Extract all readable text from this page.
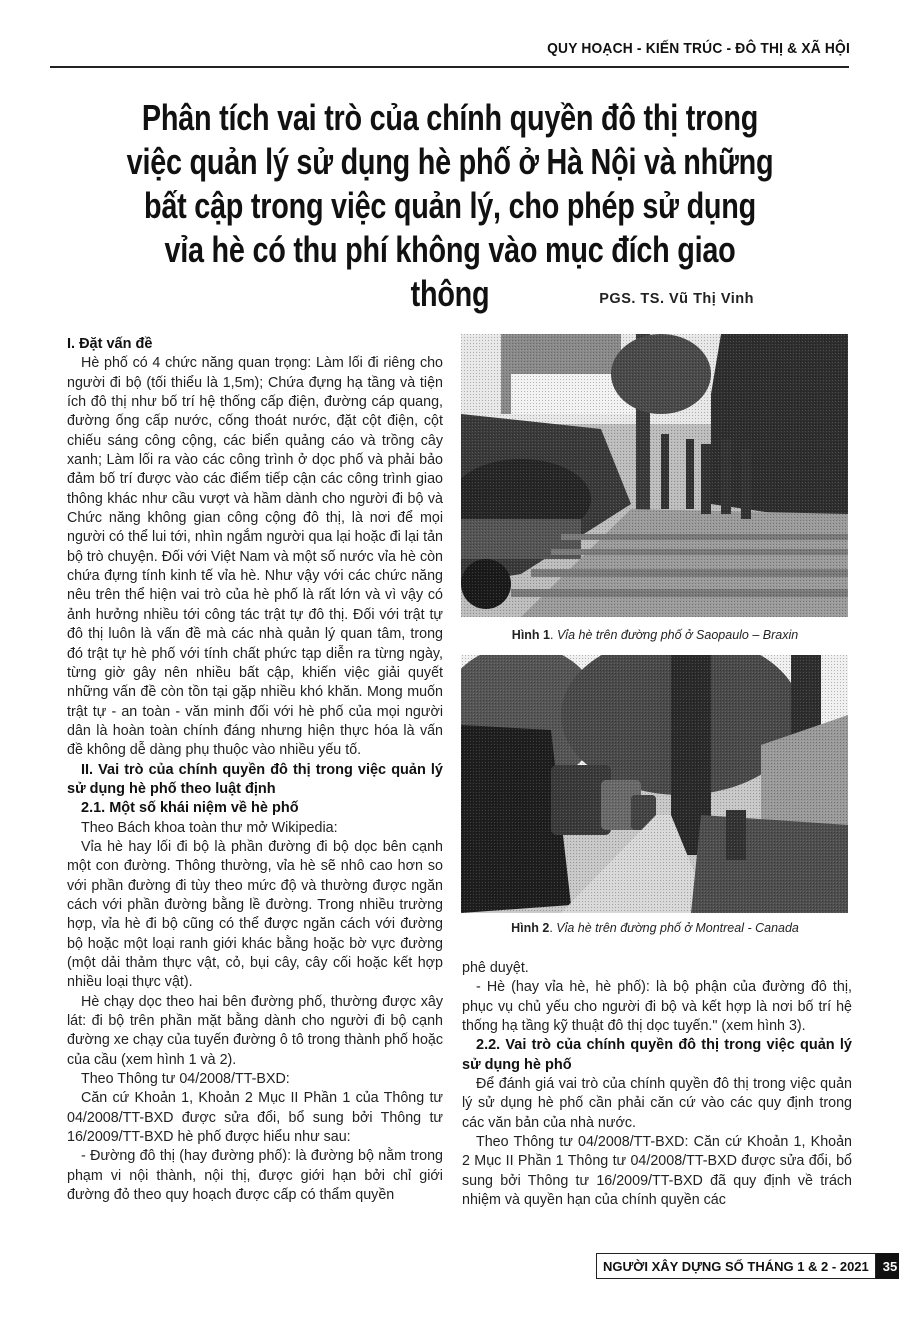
QUY HOẠCH - KIẾN TRÚC - ĐÔ THỊ & XÃ HỘI
Phân tích vai trò của chính quyền đô thị trong việc quản lý sử dụng hè phố ở Hà Nội và những bất cập trong việc quản lý, cho phép sử dụng vỉa hè có thu phí không vào mục đích giao thông	PGS. TS. Vũ Thị Vinh
I. Đặt vấn đề

Hè phố có 4 chức năng quan trọng: Làm lối đi riêng cho người đi bộ (tối thiểu là 1,5m); Chứa đựng hạ tầng và tiện ích đô thị như bố trí hệ thống cấp điện, đường cáp quang, đường ống cấp nước, cống thoát nước, đặt cột điện, cột chiếu sáng công cộng, các biển quảng cáo và trồng cây xanh; Làm lối ra vào các công trình ở dọc phố và phải bảo đảm bố trí được vào các điểm tiếp cận các công trình giao thông khác như cầu vượt và hầm dành cho người đi bộ và Chức năng không gian công cộng đô thị, là nơi để mọi người có thể lui tới, nhìn ngắm người qua lại hoặc đi lại tản bộ trò chuyện. Đối với Việt Nam và một số nước vỉa hè còn chứa đựng tính kinh tế vỉa hè. Như vậy với các chức năng nêu trên thể hiện vai trò của hè phố là rất lớn và vì vậy có ảnh hưởng nhiều tới công tác trật tự đô thị. Đối với trật tự đô thị luôn là vấn đề mà các nhà quản lý quan tâm, trong đó trật tự hè phố với tính chất phức tạp diễn ra từng ngày, từng giờ gây nên nhiều bất cập, khiến việc giải quyết những vấn đề còn tồn tại gặp nhiều khó khăn. Mong muốn trật tự - an toàn - văn minh đối với hè phố của mọi người dân là hoàn toàn chính đáng nhưng hiện thực hóa là vấn đề không dễ dàng phụ thuộc vào nhiều yếu tố.

II. Vai trò của chính quyền đô thị trong việc quản lý sử dụng hè phố theo luật định
2.1. Một số khái niệm về hè phố

Theo Bách khoa toàn thư mở Wikipedia:

Vỉa hè hay lối đi bộ là phần đường đi bộ dọc bên cạnh một con đường. Thông thường, vỉa hè sẽ nhô cao hơn so với phần đường đi tùy theo mức độ và thường được ngăn cách với phần đường bằng lề đường. Trong nhiều trường hợp, vỉa hè đi bộ cũng có thể được ngăn cách với đường bộ hoặc một loại ranh giới khác bằng hoặc bờ vực đường (một dải thảm thực vật, cỏ, bụi cây, cây cối hoặc kết hợp nhiều loại thực vật).

Hè chạy dọc theo hai bên đường phố, thường được xây lát: đi bộ trên phần mặt bằng dành cho người đi bộ cạnh đường xe chạy của tuyến đường ô tô trong thành phố hoặc của cầu (xem hình 1 và 2).

Theo Thông tư 04/2008/TT-BXD:

Căn cứ Khoản 1, Khoản 2 Mục II Phần 1 của Thông tư 04/2008/TT-BXD được sửa đổi, bổ sung bởi Thông tư 16/2009/TT-BXD hè phố được hiểu như sau:

- Đường đô thị (hay đường phố): là đường bộ nằm trong phạm vi nội thành, nội thị, được giới hạn bởi chỉ giới đường đỏ theo quy hoạch được cấp có thẩm quyền

Hình 1. Vỉa hè trên đường phố ở Saopaulo – Braxin
Hình 2. Vỉa hè trên đường phố ở Montreal - Canada

phê duyệt.

- Hè (hay vỉa hè, hè phố): là bộ phận của đường đô thị, phục vụ chủ yếu cho người đi bộ và kết hợp là nơi bố trí hệ thống hạ tầng kỹ thuật đô thị dọc tuyến." (xem hình 3).

2.2. Vai trò của chính quyền đô thị trong việc quản lý sử dụng hè phố

Để đánh giá vai trò của chính quyền đô thị trong việc quản lý sử dụng hè phố cần phải căn cứ vào các quy định trong các văn bản của nhà nước.

Theo Thông tư 04/2008/TT-BXD: Căn cứ Khoản 1, Khoản 2 Mục II Phần 1 Thông tư 04/2008/TT-BXD được sửa đổi, bổ sung bởi Thông tư 16/2009/TT-BXD đã quy định về trách nhiệm và quyền hạn của chính quyền các

NGƯỜI XÂY DỰNG SỐ THÁNG 1 & 2 - 2021	35
